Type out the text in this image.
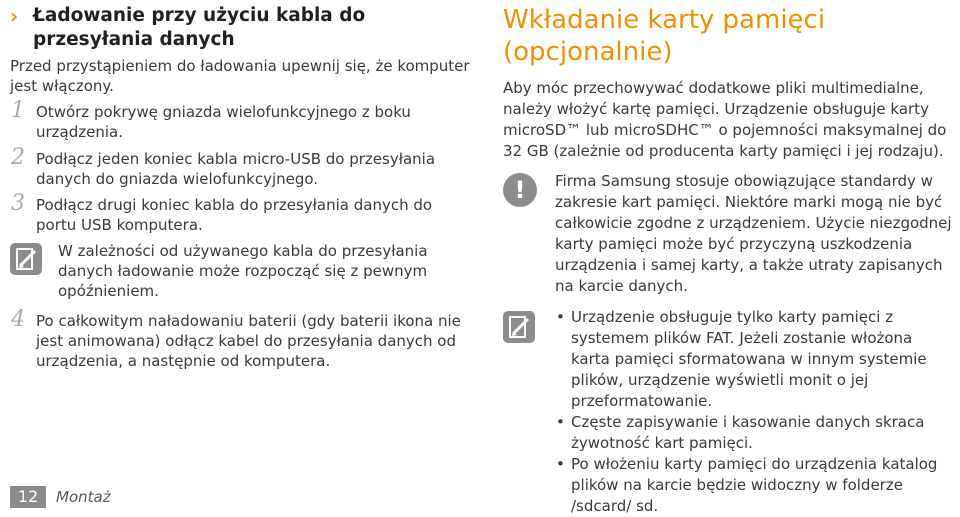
› Ładowanie przy użyciu kabla do przesyłania danych

Przed przystąpieniem do ładowania upewnij się, że komputer jest włączony.

1 Otwórz pokrywę gniazda wielofunkcyjnego z boku urządzenia.

2 Podłącz jeden koniec kabla micro-USB do przesyłania danych do gniazda wielofunkcyjnego.

3 Podłącz drugi koniec kabla do przesyłania danych do portu USB komputera.

W zależności od używanego kabla do przesyłania danych ładowanie może rozpocząć się z pewnym opóźnieniem.

4 Po całkowitym naładowaniu baterii (gdy baterii ikona nie jest animowana) odłącz kabel do przesyłania danych od urządzenia, a następnie od komputera.

Wkładanie karty pamięci (opcjonalnie)

Aby móc przechowywać dodatkowe pliki multimedialne, należy włożyć kartę pamięci. Urządzenie obsługuje karty microSD™ lub microSDHC™ o pojemności maksymalnej do 32 GB (zależnie od producenta karty pamięci i jej rodzaju).

!	Firma Samsung stosuje obowiązujące standardy w zakresie kart pamięci. Niektóre marki mogą nie być całkowicie zgodne z urządzeniem. Użycie niezgodnej karty pamięci może być przyczyną uszkodzenia urządzenia i samej karty, a także utraty zapisanych na karcie danych.

• Urządzenie obsługuje tylko karty pamięci z systemem plików FAT. Jeżeli zostanie włożona karta pamięci sformatowana w innym systemie plików, urządzenie wyświetli monit o jej przeformatowanie.
• Częste zapisywanie i kasowanie danych skraca żywotność kart pamięci.
• Po włożeniu karty pamięci do urządzenia katalog plików na karcie będzie widoczny w folderze /sdcard/ sd.
12	Montaż
